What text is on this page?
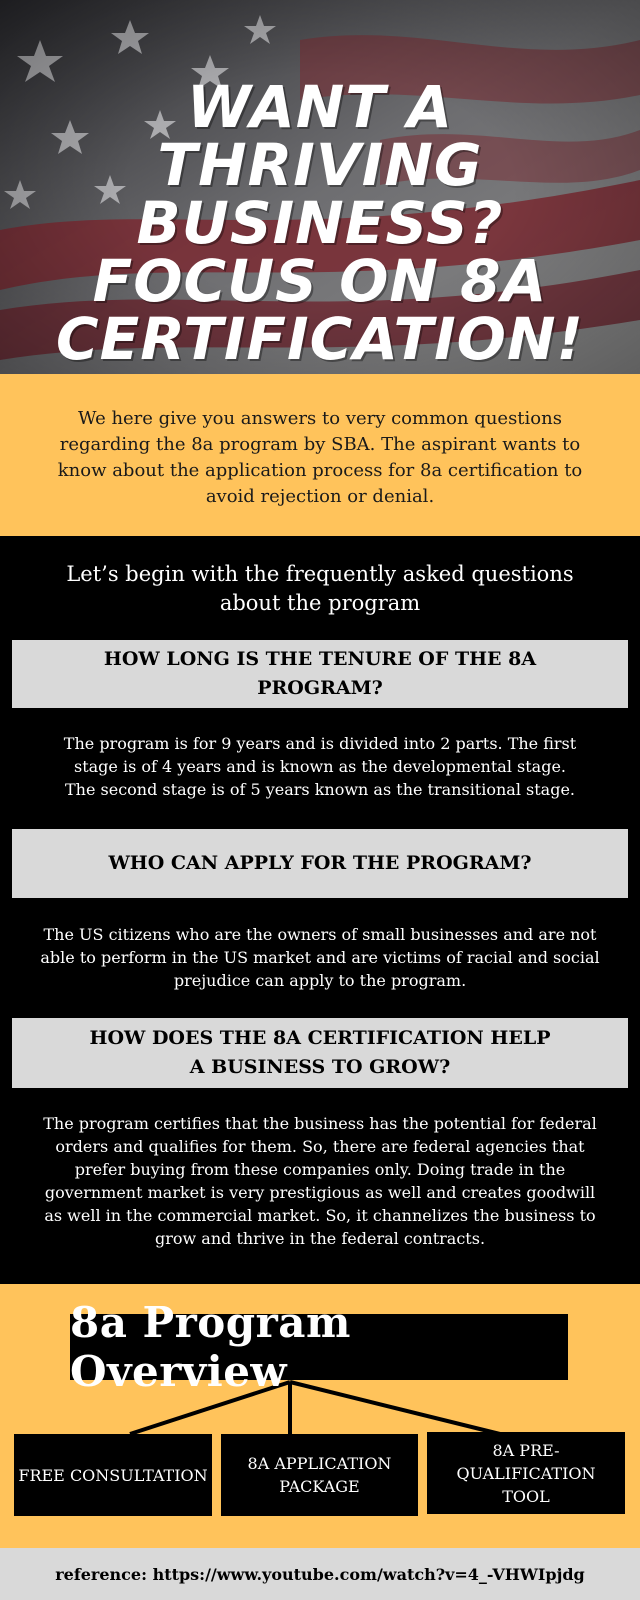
WANT A THRIVING BUSINESS? FOCUS ON 8A CERTIFICATION!

We here give you answers to very common questions regarding the 8a program by SBA. The aspirant wants to know about the application process for 8a certification to avoid rejection or denial.

Let’s begin with the frequently asked questions about the program

HOW LONG IS THE TENURE OF THE 8A PROGRAM?

The program is for 9 years and is divided into 2 parts. The first stage is of 4 years and is known as the developmental stage. The second stage is of 5 years known as the transitional stage.

WHO CAN APPLY FOR THE PROGRAM?

The US citizens who are the owners of small businesses and are not able to perform in the US market and are victims of racial and social prejudice can apply to the program.

HOW DOES THE 8A CERTIFICATION HELP A BUSINESS TO GROW?

The program certifies that the business has the potential for federal orders and qualifies for them. So, there are federal agencies that prefer buying from these companies only. Doing trade in the government market is very prestigious as well and creates goodwill as well in the commercial market. So, it channelizes the business to grow and thrive in the federal contracts.

8a Program Overview
FREE CONSULTATION
8A APPLICATION PACKAGE
8A PRE-QUALIFICATION TOOL
reference: https://www.youtube.com/watch?v=4_-VHWIpjdg
